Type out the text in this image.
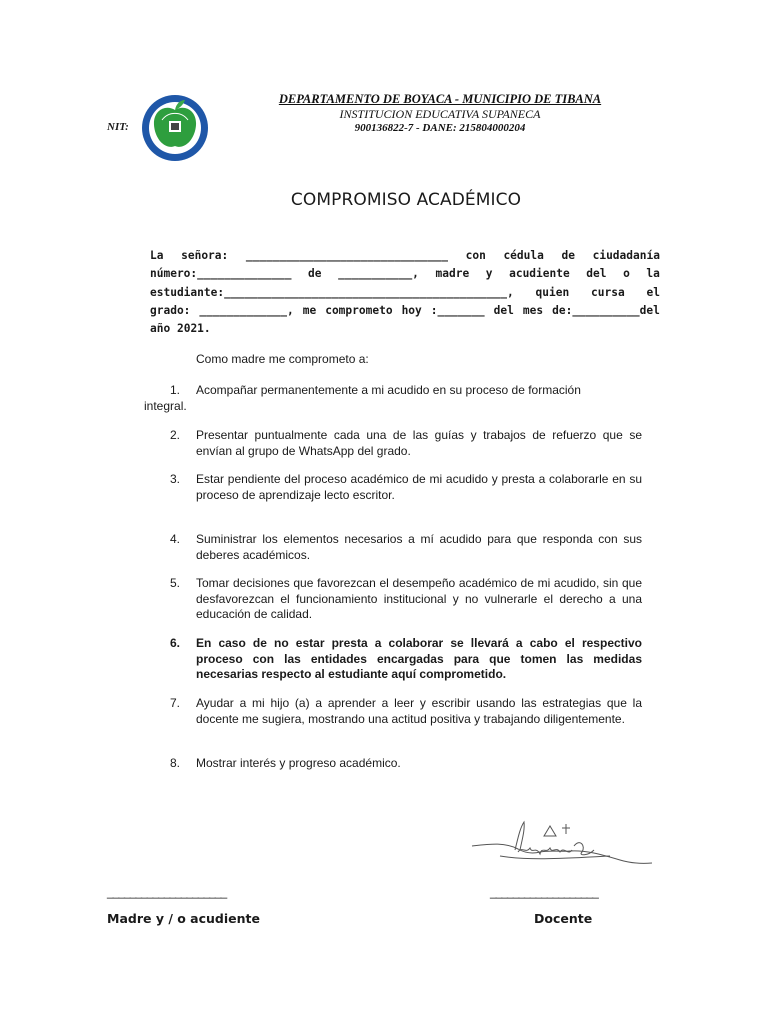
NIT:
DEPARTAMENTO DE BOYACA - MUNICIPIO DE TIBANA
INSTITUCION EDUCATIVA SUPANECA
900136822-7 - DANE: 215804000204
COMPROMISO ACADÉMICO
La señora: ______________________________ con cédula de ciudadanía
número:______________ de ___________, madre y acudiente del o la
estudiante:__________________________________________, quien cursa el
grado: _____________, me comprometo hoy :_______ del mes de:__________del
año
2021.
Como madre me comprometo a:
1. Acompañar permanentemente a mi acudido en su proceso de formación
integral.
2. Presentar puntualmente cada una de las guías y trabajos de refuerzo que se envían al grupo de WhatsApp del grado.
3. Estar pendiente del proceso académico de mi acudido y presta a colaborarle en su proceso de aprendizaje lecto escritor.
4. Suministrar los elementos necesarios a mí acudido para que responda con sus deberes académicos.
5. Tomar decisiones que favorezcan el desempeño académico de mi acudido, sin que desfavorezcan el funcionamiento institucional y no vulnerarle el derecho a una educación de calidad.
6. En caso de no estar presta a colaborar se llevará a cabo el respectivo proceso con las entidades encargadas para que tomen las medidas necesarias respecto al estudiante aquí comprometido.
7. Ayudar a mi hijo (a) a aprender a leer y escribir usando las estrategias que la docente me sugiera, mostrando una actitud positiva y trabajando diligentemente.
8. Mostrar interés y progreso académico.
_____________________	___________________
Madre y / o acudiente	Docente
